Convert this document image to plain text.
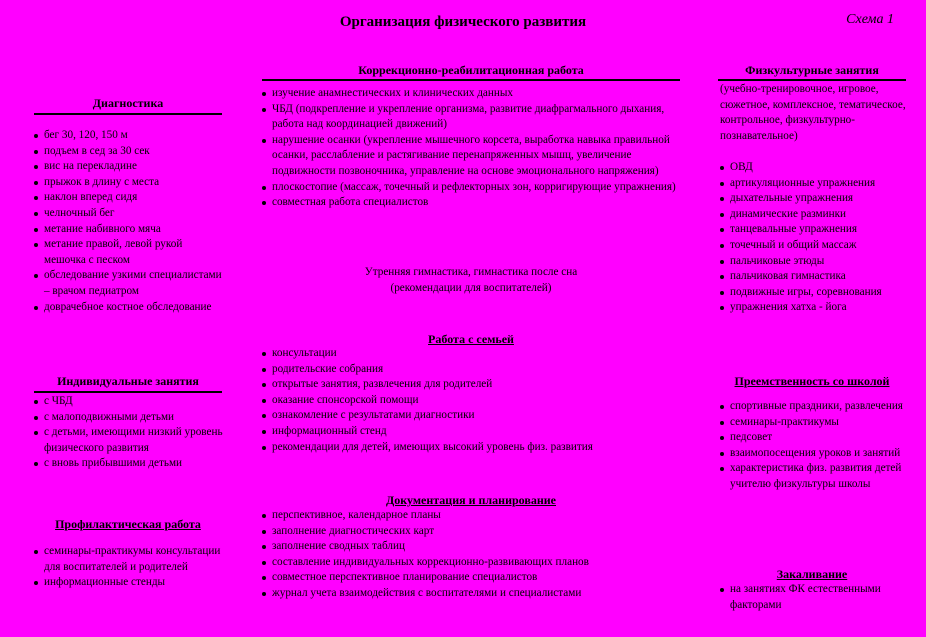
Организация физического развития	Схема 1
Диагностика
бег 30, 120, 150 м
подъем в сед за 30 сек
вис на перекладине
прыжок в длину с места
наклон вперед сидя
челночный бег
метание набивного мяча
метание правой, левой рукой мешочка с песком
обследование узкими специалистами – врачом педиатром
доврачебное костное обследование
Индивидуальные занятия
с ЧБД
с малоподвижными детьми
с детьми, имеющими низкий уровень физического развития
с вновь прибывшими детьми
Профилактическая работа
семинары-практикумы консультации для воспитателей и родителей
информационные стенды
Коррекционно-реабилитационная работа
изучение анамнестических и клинических данных
ЧБД (подкрепление и укрепление организма, развитие диафрагмального дыхания, работа над координацией движений)
нарушение осанки (укрепление мышечного корсета, выработка навыка правильной осанки, расслабление и растягивание перенапряженных мышц, увеличение подвижности позвоночника, управление на основе эмоционального напряжения)
плоскостопие (массаж, точечный и рефлекторных зон, корригирующие упражнения)
совместная работа специалистов
Утренняя гимнастика, гимнастика после сна
(рекомендации для воспитателей)
Работа с семьей
консультации
родительские собрания
открытые занятия, развлечения для родителей
оказание спонсорской помощи
ознакомление с результатами диагностики
информационный стенд
рекомендации для детей, имеющих высокий уровень физ. развития
Документация и планирование
перспективное, календарное планы
заполнение диагностических карт
заполнение сводных таблиц
составление индивидуальных коррекционно-развивающих планов
совместное перспективное планирование специалистов
журнал учета взаимодействия с воспитателями и специалистами
Физкультурные занятия
(учебно-тренировочное, игровое, сюжетное, комплексное, тематическое, контрольное, физкультурно-познавательное)
ОВД
артикуляционные упражнения
дыхательные упражнения
динамические разминки
танцевальные упражнения
точечный и общий массаж
пальчиковые этюды
пальчиковая гимнастика
подвижные игры, соревнования
упражнения хатха - йога
Преемственность со школой
спортивные праздники, развлечения
семинары-практикумы
педсовет
взаимопосещения уроков и занятий
характеристика физ. развития детей учителю физкультуры школы
Закаливание
на занятиях ФК естественными факторами
